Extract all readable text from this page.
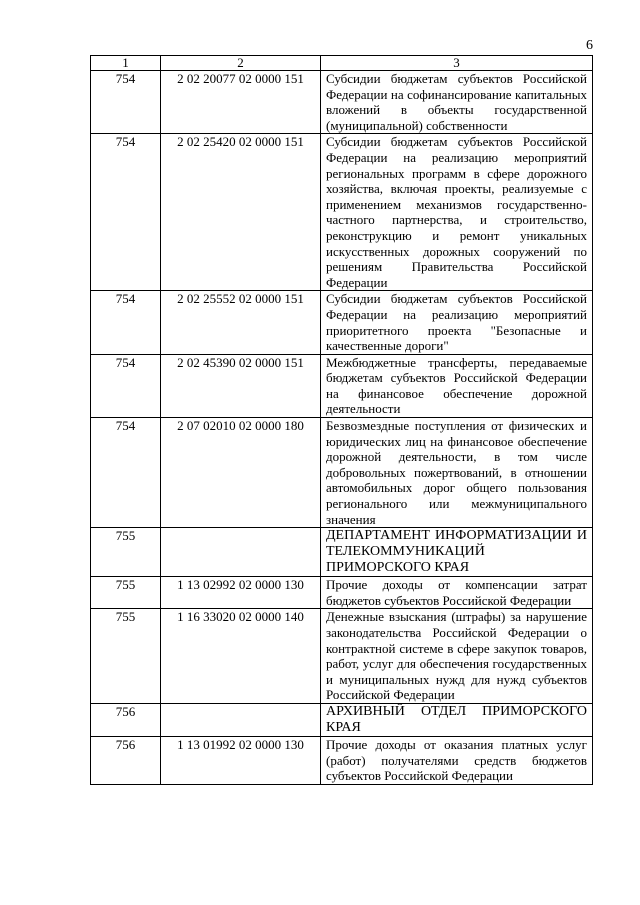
6
1	2	3
754	2 02 20077 02 0000 151	Субсидии бюджетам субъектов Российской Федерации на софинансирование капитальных вложений в объекты государственной (муниципальной) собственности
754	2 02 25420 02 0000 151	Субсидии бюджетам субъектов Российской Федерации на реализацию мероприятий региональных программ в сфере дорожного хозяйства, включая проекты, реализуемые с применением механизмов государственно-частного партнерства, и строительство, реконструкцию и ремонт уникальных искусственных дорожных сооружений по решениям Правительства Российской Федерации
754	2 02 25552 02 0000 151	Субсидии бюджетам субъектов Российской Федерации на реализацию мероприятий приоритетного проекта "Безопасные и качественные дороги"
754	2 02 45390 02 0000 151	Межбюджетные трансферты, передаваемые бюджетам субъектов Российской Федерации на финансовое обеспечение дорожной деятельности
754	2 07 02010 02 0000 180	Безвозмездные поступления от физических и юридических лиц на финансовое обеспечение дорожной деятельности, в том числе добровольных пожертвований, в отношении автомобильных дорог общего пользования регионального или межмуниципального значения
755		ДЕПАРТАМЕНТ ИНФОРМАТИЗАЦИИ И ТЕЛЕКОММУНИКАЦИЙ ПРИМОРСКОГО КРАЯ
755	1 13 02992 02 0000 130	Прочие доходы от компенсации затрат бюджетов субъектов Российской Федерации
755	1 16 33020 02 0000 140	Денежные взыскания (штрафы) за нарушение законодательства Российской Федерации о контрактной системе в сфере закупок товаров, работ, услуг для обеспечения государственных и муниципальных нужд для нужд субъектов Российской Федерации
756		АРХИВНЫЙ ОТДЕЛ ПРИМОРСКОГО КРАЯ
756	1 13 01992 02 0000 130	Прочие доходы от оказания платных услуг (работ) получателями средств бюджетов субъектов Российской Федерации
